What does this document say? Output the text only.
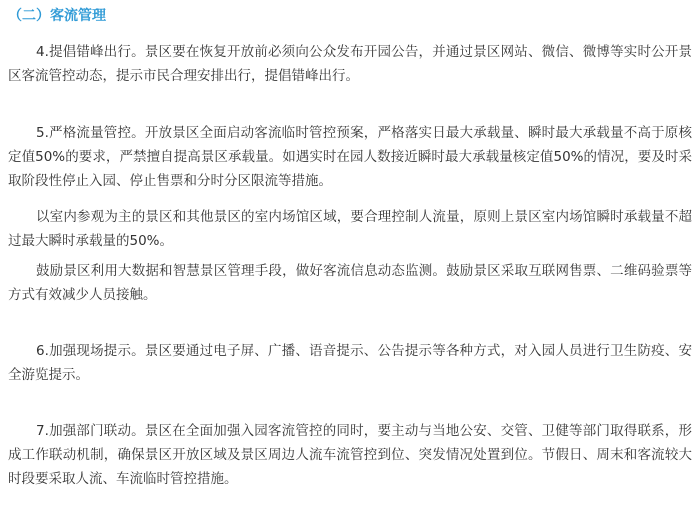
（二）客流管理

4.提倡错峰出行。景区要在恢复开放前必须向公众发布开园公告，并通过景区网站、微信、微博等实时公开景区客流管控动态，提示市民合理安排出行，提倡错峰出行。

5.严格流量管控。开放景区全面启动客流临时管控预案，严格落实日最大承载量、瞬时最大承载量不高于原核定值50%的要求，严禁擅自提高景区承载量。如遇实时在园人数接近瞬时最大承载量核定值50%的情况，要及时采取阶段性停止入园、停止售票和分时分区限流等措施。

以室内参观为主的景区和其他景区的室内场馆区域，要合理控制人流量，原则上景区室内场馆瞬时承载量不超过最大瞬时承载量的50%。

鼓励景区利用大数据和智慧景区管理手段，做好客流信息动态监测。鼓励景区采取互联网售票、二维码验票等方式有效减少人员接触。

6.加强现场提示。景区要通过电子屏、广播、语音提示、公告提示等各种方式，对入园人员进行卫生防疫、安全游览提示。

7.加强部门联动。景区在全面加强入园客流管控的同时，要主动与当地公安、交管、卫健等部门取得联系，形成工作联动机制，确保景区开放区域及景区周边人流车流管控到位、突发情况处置到位。节假日、周末和客流较大时段要采取人流、车流临时管控措施。
